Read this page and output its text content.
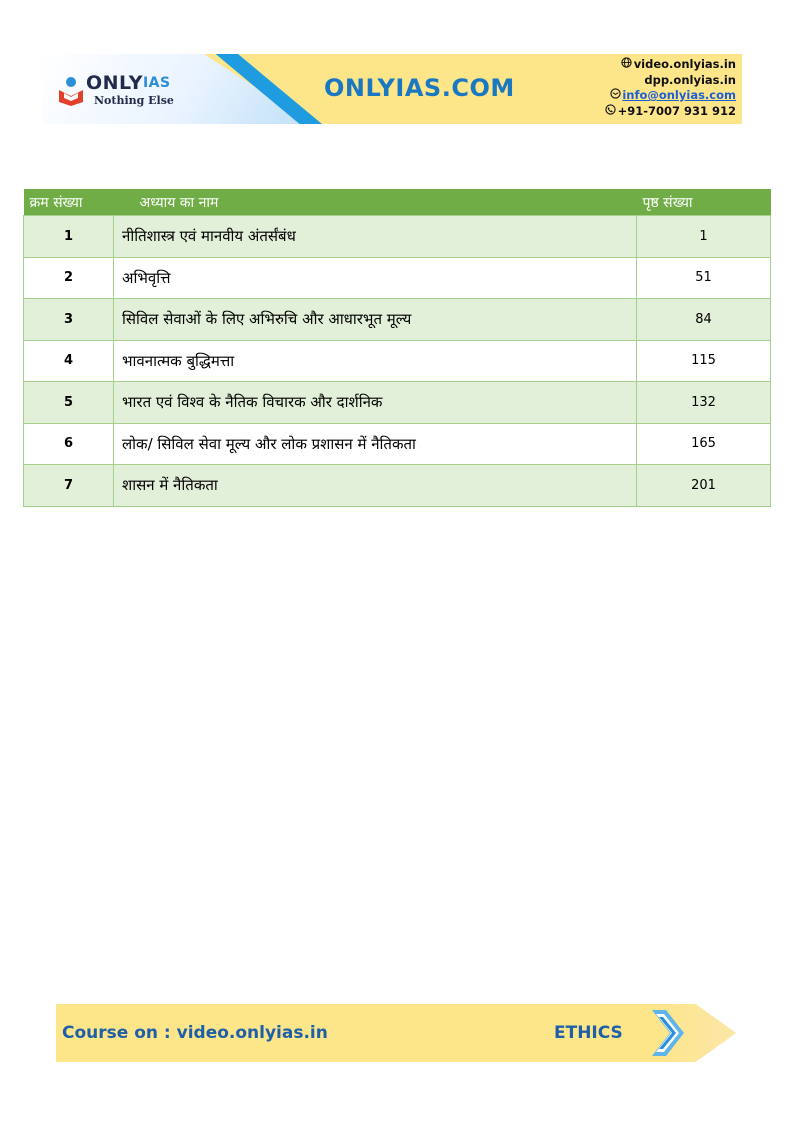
ONLYIAS
Nothing Else	ONLYIAS.COM
video.onlyias.in
dpp.onlyias.in
info@onlyias.com
+91-7007 931 912
क्रम संख्या	अध्याय का नाम	पृष्ठ संख्या
1	नीतिशास्त्र एवं मानवीय अंतर्संबंध	1
2	अभिवृत्ति	51
3	सिविल सेवाओं के लिए अभिरुचि और आधारभूत मूल्य	84
4	भावनात्मक बुद्धिमत्ता	115
5	भारत एवं विश्व के नैतिक विचारक और दार्शनिक	132
6	लोक/ सिविल सेवा मूल्य और लोक प्रशासन में नैतिकता	165
7	शासन में नैतिकता	201
Course on : video.onlyias.in	ETHICS
